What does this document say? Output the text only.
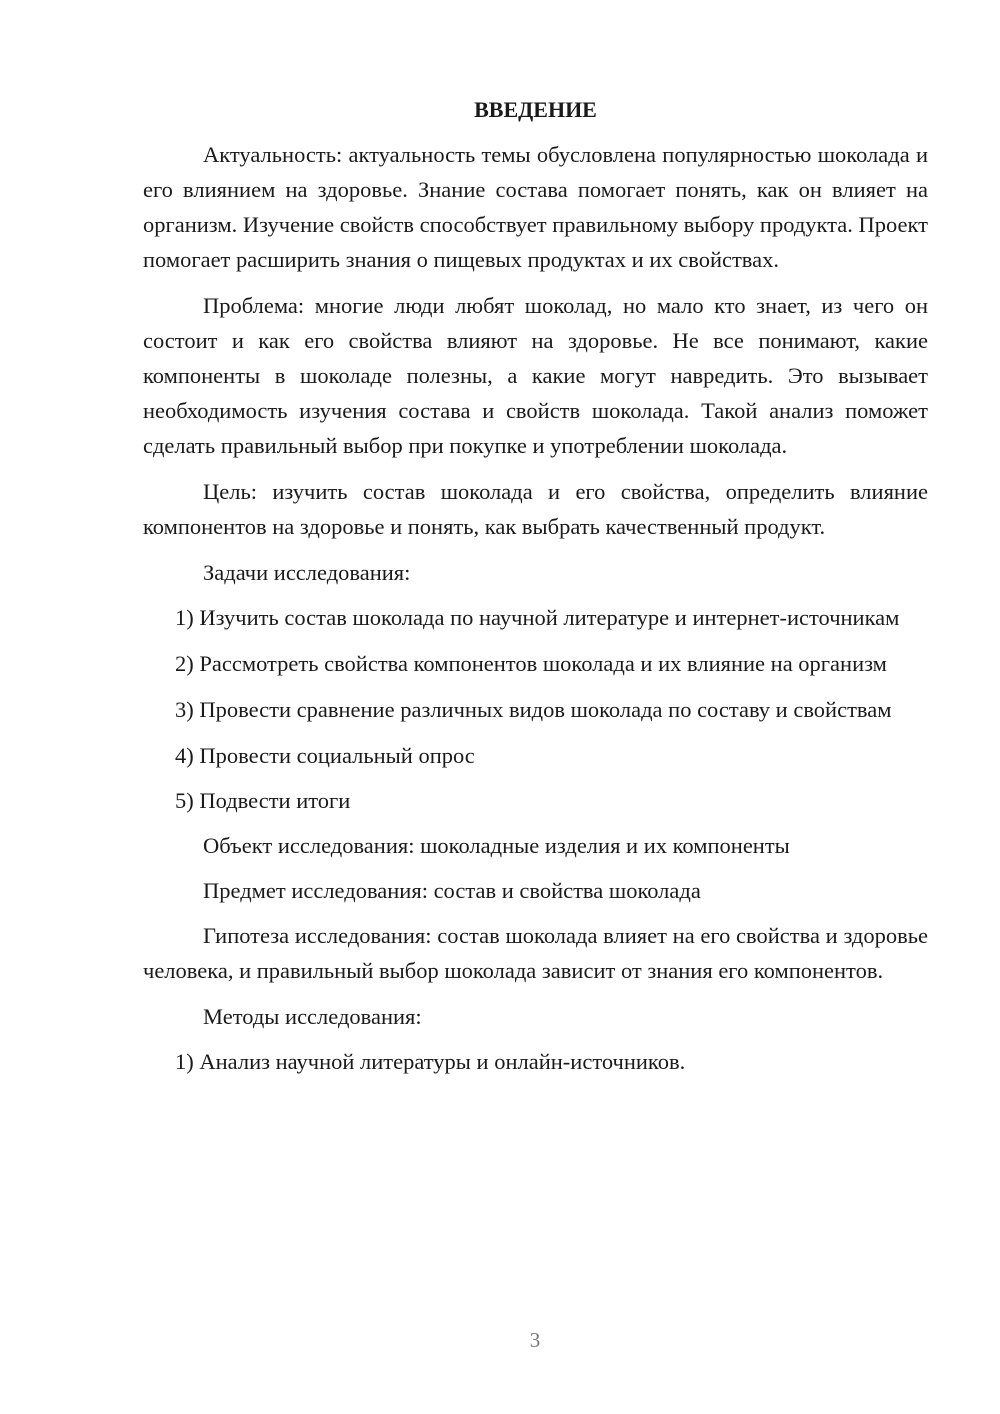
ВВЕДЕНИЕ

Актуальность: актуальность темы обусловлена популярностью шоколада и его влиянием на здоровье. Знание состава помогает понять, как он влияет на организм. Изучение свойств способствует правильному выбору продукта. Проект помогает расширить знания о пищевых продуктах и их свойствах.

Проблема: многие люди любят шоколад, но мало кто знает, из чего он состоит и как его свойства влияют на здоровье. Не все понимают, какие компоненты в шоколаде полезны, а какие могут навредить. Это вызывает необходимость изучения состава и свойств шоколада. Такой анализ поможет сделать правильный выбор при покупке и употреблении шоколада.

Цель: изучить состав шоколада и его свойства, определить влияние компонентов на здоровье и понять, как выбрать качественный продукт.

Задачи исследования:

1) Изучить состав шоколада по научной литературе и интернет-источникам

2) Рассмотреть свойства компонентов шоколада и их влияние на организм

3) Провести сравнение различных видов шоколада по составу и свойствам

4) Провести социальный опрос

5) Подвести итоги

Объект исследования: шоколадные изделия и их компоненты

Предмет исследования: состав и свойства шоколада

Гипотеза исследования: состав шоколада влияет на его свойства и здоровье человека, и правильный выбор шоколада зависит от знания его компонентов.

Методы исследования:

1) Анализ научной литературы и онлайн-источников.

3
